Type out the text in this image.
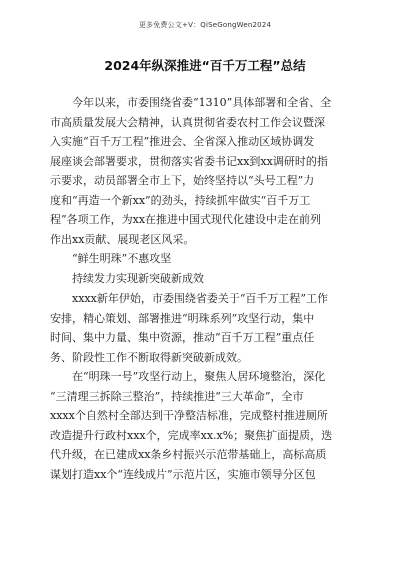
更多免费公文+V：QiSeGongWen2024
2024年纵深推进“百千万工程”总结

今年以来，市委围绕省委“1310”具体部署和全省、全
市高质量发展大会精神，认真贯彻省委农村工作会议暨深
入实施“百千万工程”推进会、全省深入推动区域协调发
展座谈会部署要求，贯彻落实省委书记xx到xx调研时的指
示要求，动员部署全市上下，始终坚持以“头号工程”力
度和“再造一个新xx”的劲头，持续抓牢做实“百千万工
程”各项工作，为xx在推进中国式现代化建设中走在前列
作出xx贡献、展现老区风采。

“鲜生明珠”不惠攻坚

持续发力实现新突破新成效

xxxx新年伊始，市委围绕省委关于“百千万工程”工作
安排，精心策划、部署推进“明珠系列”攻坚行动，集中
时间、集中力量、集中资源，推动“百千万工程”重点任
务、阶段性工作不断取得新突破新成效。

在“明珠一号”攻坚行动上，聚焦人居环境整治，深化
“三清理三拆除三整治”，持续推进“三大革命”，全市
xxxx个自然村全部达到干净整洁标准，完成整村推进厕所
改造提升行政村xxx个，完成率xx.x%；聚焦扩面提质，迭
代升级，在已建成xx条乡村振兴示范带基础上，高标高质
谋划打造xx个“连线成片”示范片区，实施市领导分区包
